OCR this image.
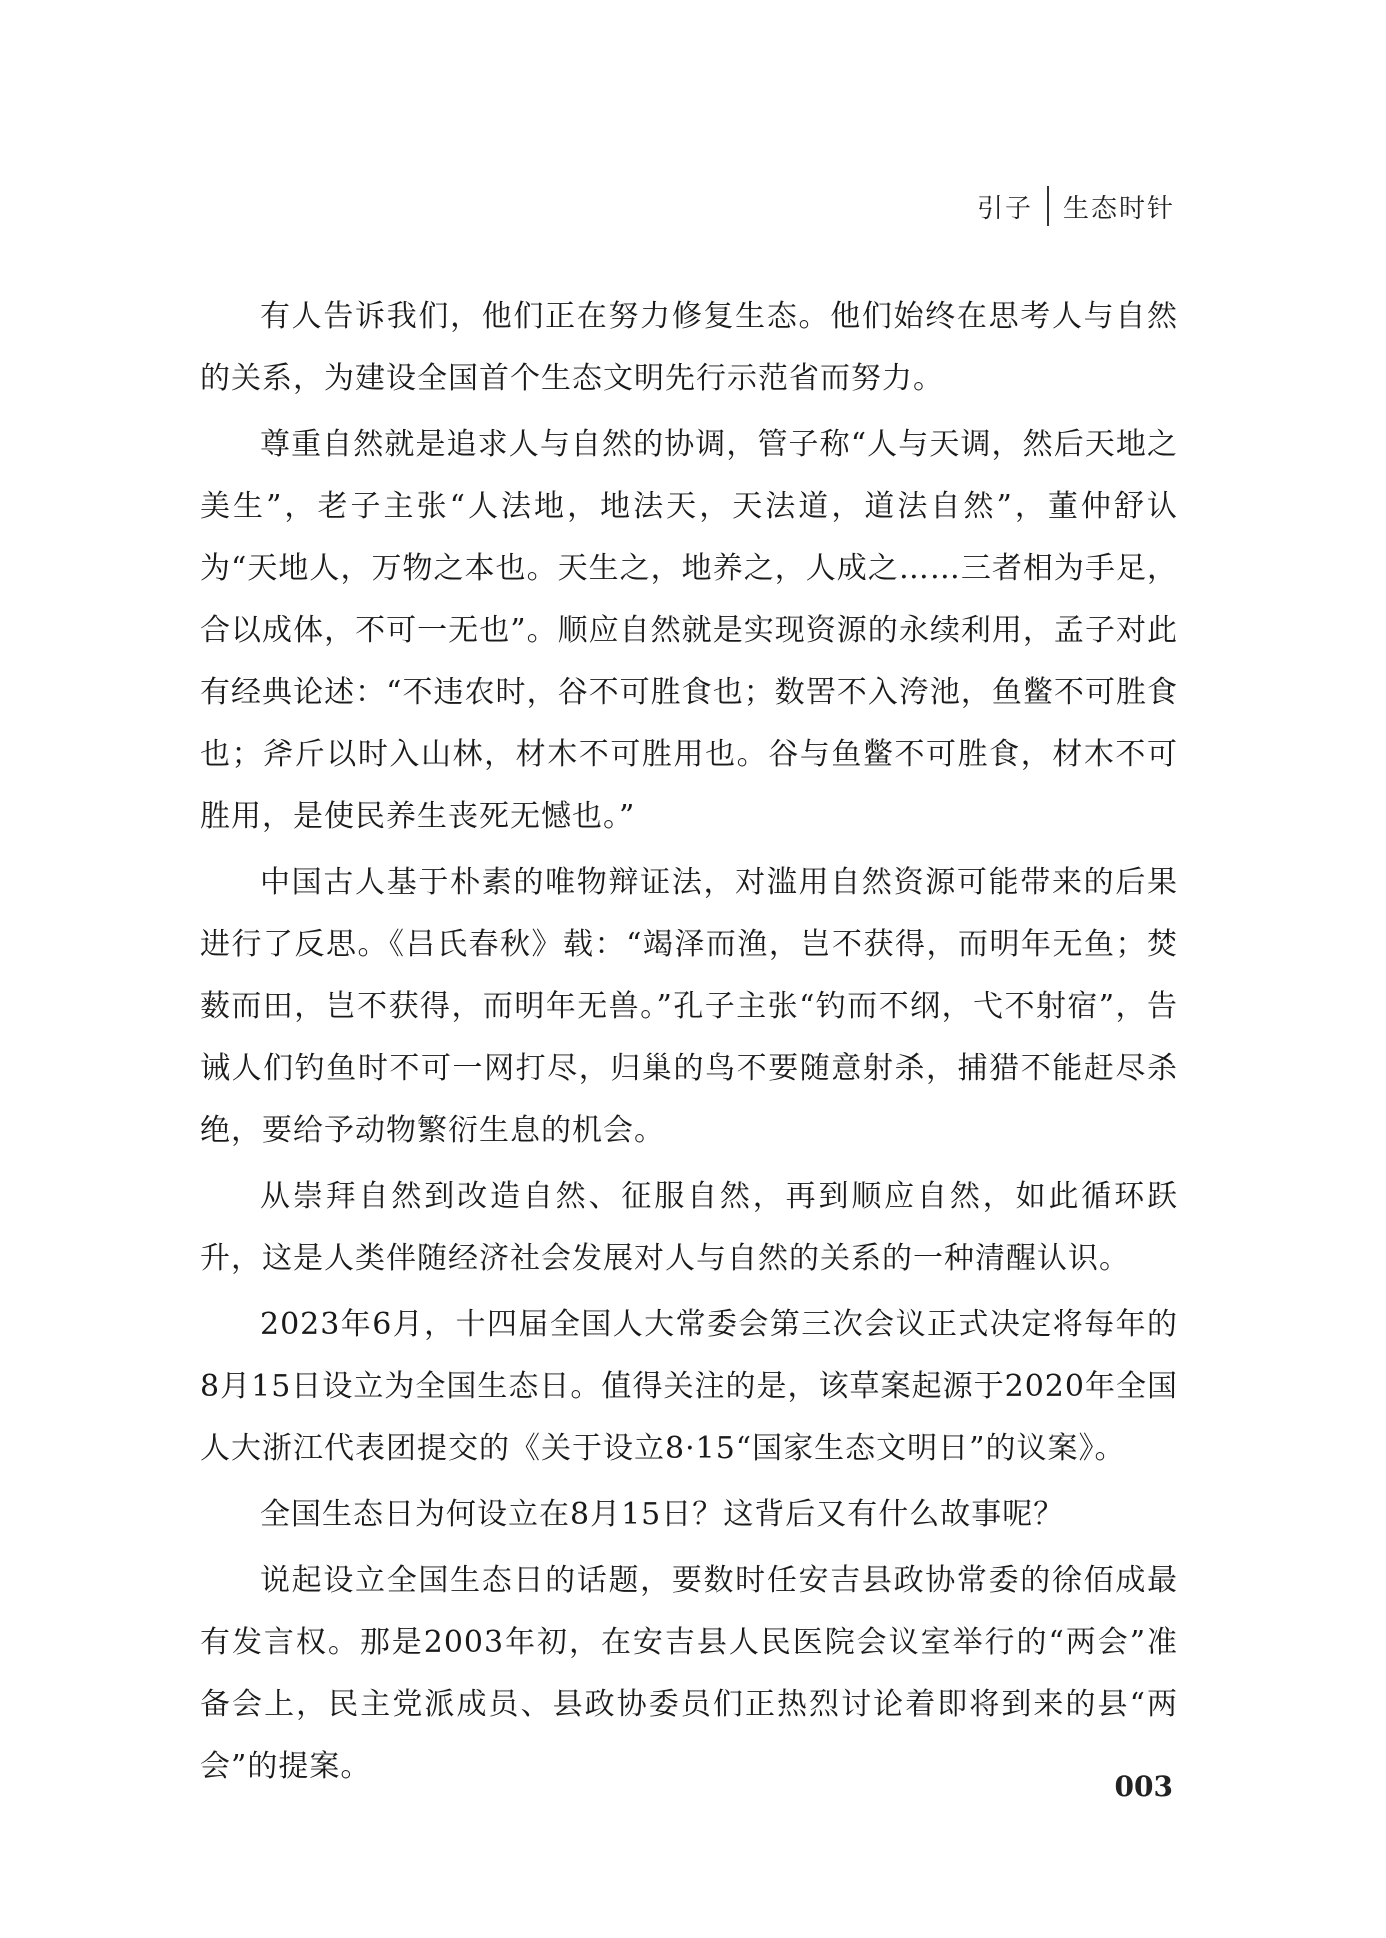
引子 生态时针

有人告诉我们，他们正在努力修复生态。他们始终在思考人与自然的关系，为建设全国首个生态文明先行示范省而努力。

尊重自然就是追求人与自然的协调，管子称“人与天调，然后天地之美生”，老子主张“人法地，地法天，天法道，道法自然”，董仲舒认为“天地人，万物之本也。天生之，地养之，人成之……三者相为手足，合以成体，不可一无也”。顺应自然就是实现资源的永续利用，孟子对此有经典论述：“不违农时，谷不可胜食也；数罟不入洿池，鱼鳖不可胜食也；斧斤以时入山林，材木不可胜用也。谷与鱼鳖不可胜食，材木不可胜用，是使民养生丧死无憾也。”

中国古人基于朴素的唯物辩证法，对滥用自然资源可能带来的后果进行了反思。《吕氏春秋》载：“竭泽而渔，岂不获得，而明年无鱼；焚薮而田，岂不获得，而明年无兽。”孔子主张“钓而不纲，弋不射宿”，告诫人们钓鱼时不可一网打尽，归巢的鸟不要随意射杀，捕猎不能赶尽杀绝，要给予动物繁衍生息的机会。

从崇拜自然到改造自然、征服自然，再到顺应自然，如此循环跃升，这是人类伴随经济社会发展对人与自然的关系的一种清醒认识。

2023年6月，十四届全国人大常委会第三次会议正式决定将每年的8月15日设立为全国生态日。值得关注的是，该草案起源于2020年全国人大浙江代表团提交的《关于设立8·15“国家生态文明日”的议案》。

全国生态日为何设立在8月15日？这背后又有什么故事呢？

说起设立全国生态日的话题，要数时任安吉县政协常委的徐佰成最有发言权。那是2003年初，在安吉县人民医院会议室举行的“两会”准备会上，民主党派成员、县政协委员们正热烈讨论着即将到来的县“两会”的提案。

003
